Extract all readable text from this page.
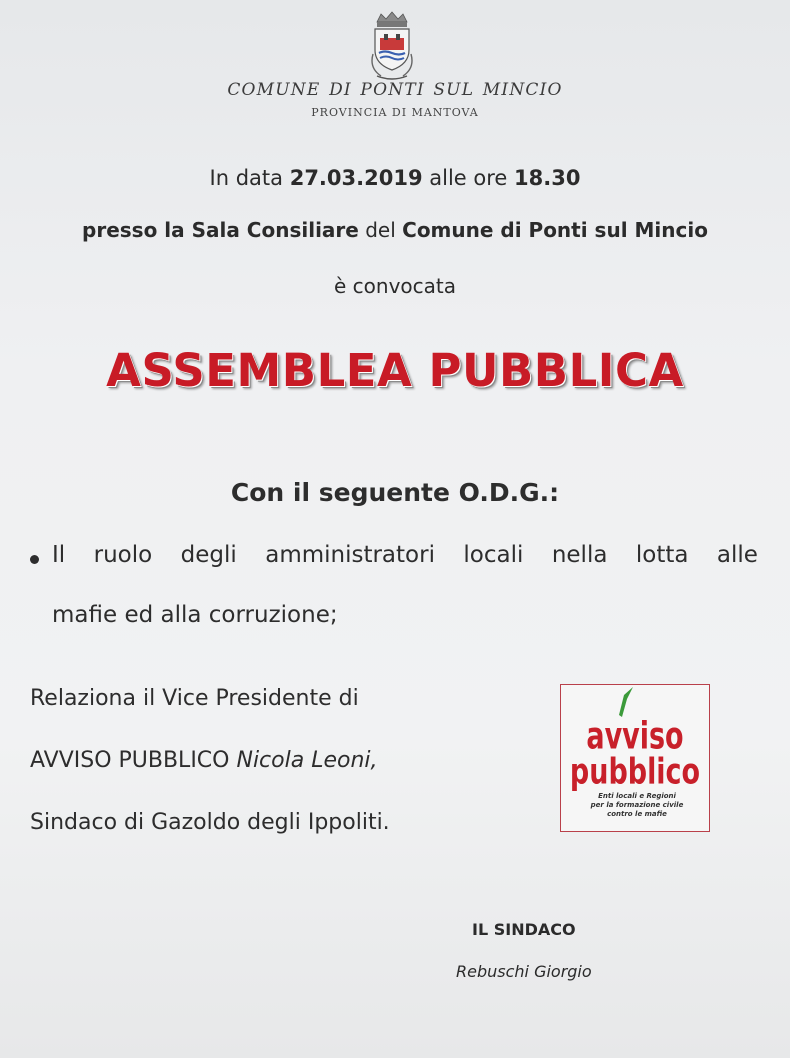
COMUNE DI PONTI SUL MINCIO
PROVINCIA DI MANTOVA
In data 27.03.2019 alle ore 18.30
presso la Sala Consiliare del Comune di Ponti sul Mincio
è convocata
ASSEMBLEA PUBBLICA
Con il seguente O.D.G.:
Il ruolo degli amministratori locali nella lotta alle
mafie ed alla corruzione;
Relaziona il Vice Presidente di
AVVISO PUBBLICO Nicola Leoni,
Sindaco di Gazoldo degli Ippoliti.
avviso
pubblico
Enti locali e Regioni
per la formazione civile
contro le mafie
IL SINDACO
Rebuschi Giorgio
